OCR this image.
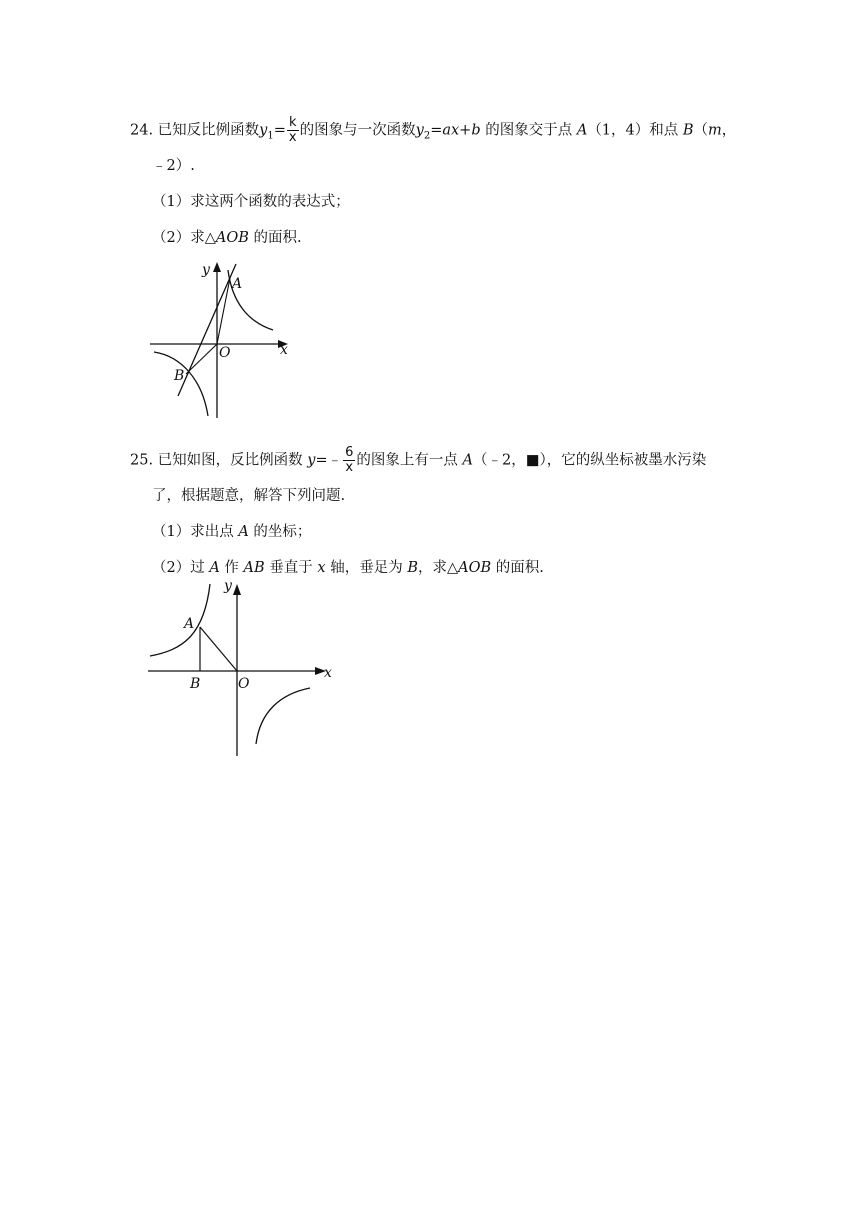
24. 已知反比例函数$y_1= \frac{k}{x}$ 的图象与一次函数$y_2=ax+b$ 的图象交于点 A（1，4）和点 B（m，
﹣2）.
（1）求这两个函数的表达式；
（2）求△AOB 的面积.
y
x
A
O
B
25. 已知如图，反比例函数 y=﹣ $\frac{6}{x}$ 的图象上有一点 A（﹣2，■），它的纵坐标被墨水污染
了，根据题意，解答下列问题.
（1）求出点 A 的坐标；
（2）过 A 作 AB 垂直于 x 轴，垂足为 B，求△AOB 的面积.
y
x
A
B	O
